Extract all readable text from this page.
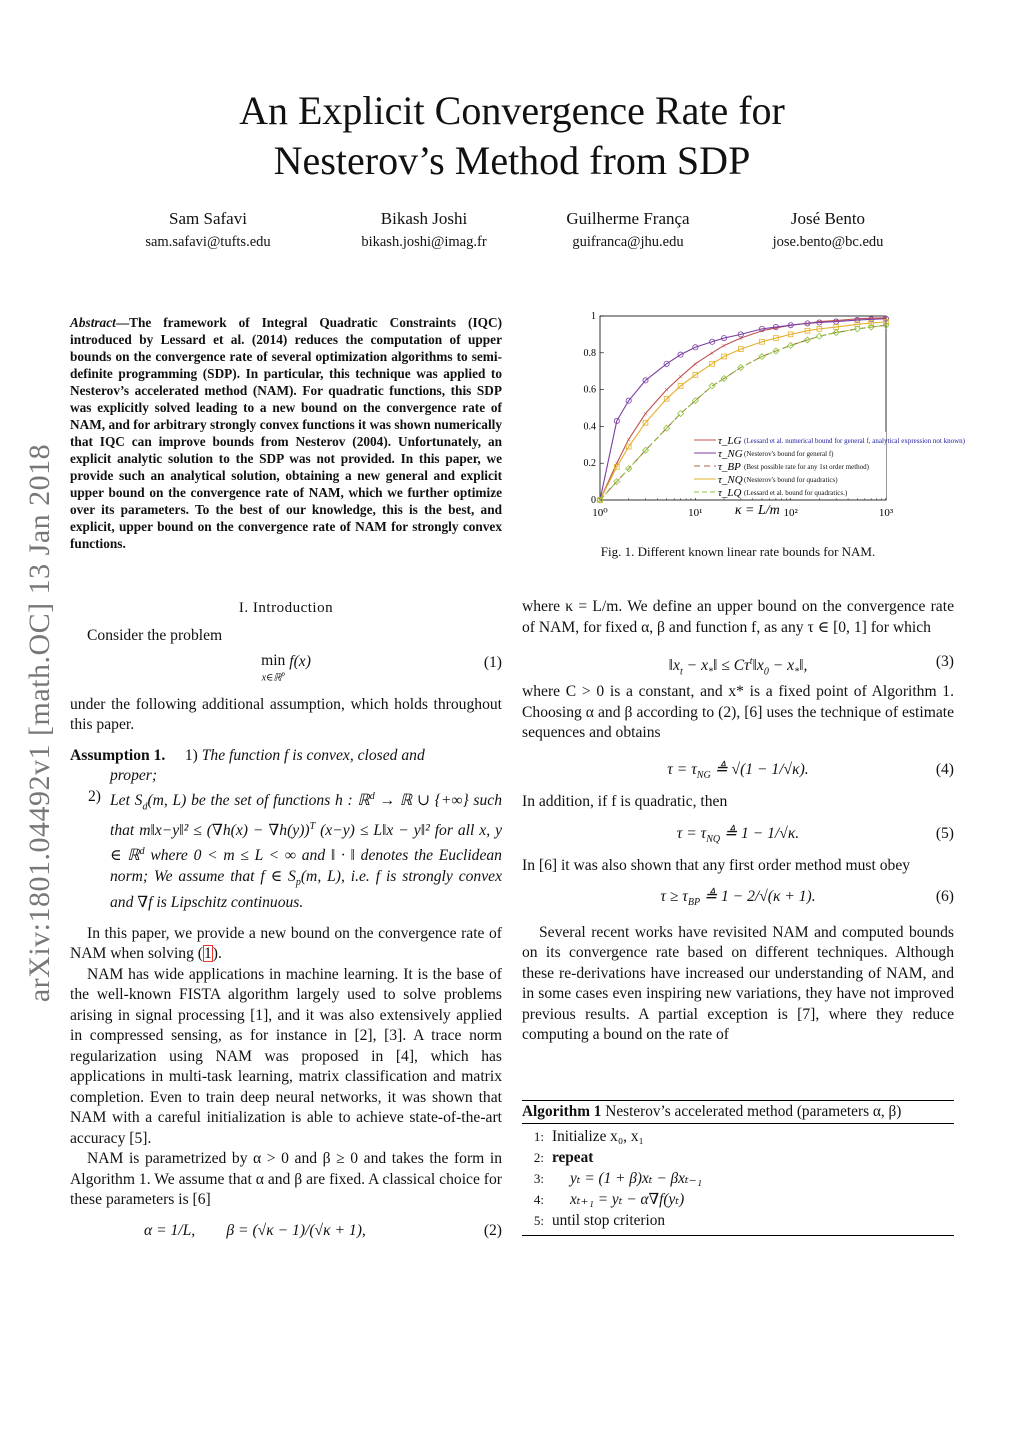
An Explicit Convergence Rate for
Nesterov’s Method from SDP
Sam Safavi
sam.safavi@tufts.edu
Bikash Joshi
bikash.joshi@imag.fr
Guilherme França
guifranca@jhu.edu
José Bento
jose.bento@bc.edu
arXiv:1801.04492v1 [math.OC] 13 Jan 2018
Abstract—The framework of Integral Quadratic Constraints (IQC) introduced by Lessard et al. (2014) reduces the computation of upper bounds on the convergence rate of several optimization algorithms to semi-definite programming (SDP). In particular, this technique was applied to Nesterov’s accelerated method (NAM). For quadratic functions, this SDP was explicitly solved leading to a new bound on the convergence rate of NAM, and for arbitrary strongly convex functions it was shown numerically that IQC can improve bounds from Nesterov (2004). Unfortunately, an explicit analytic solution to the SDP was not provided. In this paper, we provide such an analytical solution, obtaining a new general and explicit upper bound on the convergence rate of NAM, which we further optimize over its parameters. To the best of our knowledge, this is the best, and explicit, upper bound on the convergence rate of NAM for strongly convex functions.
I. Introduction
Consider the problem
min
x∈ℝ$^p$
f(x)	(1)
under the following additional assumption, which holds throughout this paper.
Assumption 1.     1) The function f is convex, closed and
proper;
2) Let $S_d(m$, L) be the set of functions h : ℝ$^d$ → ℝ ∪ {+∞} such that m‖x−y‖² ≤ $(\nabla h(x) - \nabla h(y))^T$ (x−y) ≤ L‖x − y‖² for all x, y ∈ ℝ$^d$ where 0 < m ≤ L < ∞ and ‖ · ‖ denotes the Euclidean norm; We assume that f ∈ $S_p(m$, L), i.e. f is strongly convex and ∇f is Lipschitz continuous.
In this paper, we provide a new bound on the convergence rate of NAM when solving (1).
NAM has wide applications in machine learning. It is the base of the well-known FISTA algorithm largely used to solve problems arising in signal processing [1], and it was also extensively applied in compressed sensing, as for instance in [2], [3]. A trace norm regularization using NAM was proposed in [4], which has applications in multi-task learning, matrix classification and matrix completion. Even to train deep neural networks, it was shown that NAM with a careful initialization is able to achieve state-of-the-art accuracy [5].
NAM is parametrized by α > 0 and β ≥ 0 and takes the form in Algorithm 1. We assume that α and β are fixed. A classical choice for these parameters is [6]
α = 1/L,        β = (√κ − 1)/(√κ + 1),	(2)
0
0.2
0.4
0.6
0.8
1
10⁰	10¹	10²	10³
κ = L/m
×
×
×
×
×
×
×
×
×
×
× × × × × × × × ×
τ_LG (Lessard et al. numerical bound for general f, analytical expression not known)
τ_NG (Nesterov's bound for general f)
τ_BP (Best possible rate for any 1st order method)
τ_NQ (Nesterov's bound for quadratics)
τ_LQ (Lessard et al. bound for quadratics.)
Fig. 1. Different known linear rate bounds for NAM.
where κ = L/m. We define an upper bound on the convergence rate of NAM, for fixed α, β and function f, as any τ ∈ [0, 1] for which
$‖x_t$ − $x_*‖$ ≤ $C\tau^t‖x_0$ − $x_*‖$,	(3)
where C > 0 is a constant, and x* is a fixed point of Algorithm 1. Choosing α and β according to (2), [6] uses the technique of estimate sequences and obtains
$\tau = \tau_{NG}$ ≜ √(1 − 1/√κ).	(4)
In addition, if f is quadratic, then
$\tau = \tau_{NQ}$ ≜ 1 − 1/√κ.	(5)
In [6] it was also shown that any first order method must obey
$\tau \ge \tau_{BP}$ ≜ 1 − 2/√(κ + 1).	(6)
Several recent works have revisited NAM and computed bounds on its convergence rate based on different techniques. Although these re-derivations have increased our understanding of NAM, and in some cases even inspiring new variations, they have not improved previous results. A partial exception is [7], where they reduce computing a bound on the rate of
Algorithm 1 Nesterov’s accelerated method (parameters α, β)
1: Initialize x₀, x₁
2: repeat
3: yₜ = (1 + β)xₜ − βxₜ₋₁
4: xₜ₊₁ = yₜ − α∇f(yₜ)
5: until stop criterion
